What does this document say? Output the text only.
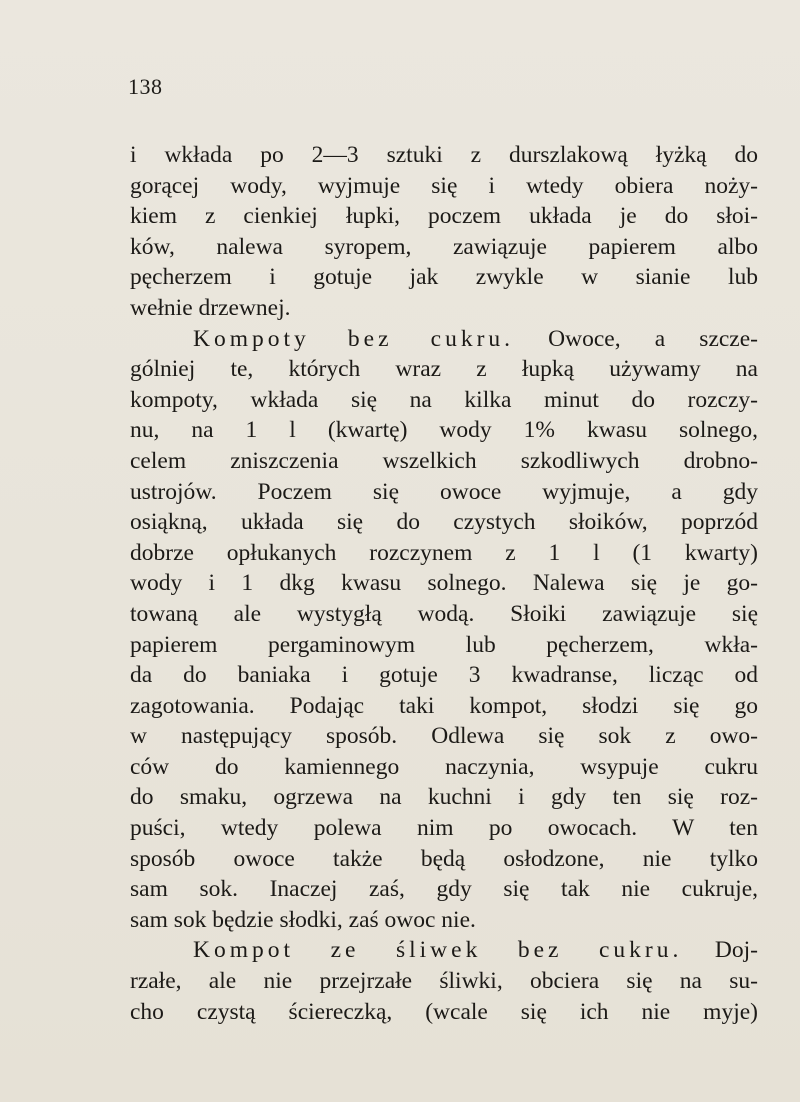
138
i wkłada po 2—3 sztuki z durszlakową łyżką do
gorącej wody, wyjmuje się i wtedy obiera noży-
kiem z cienkiej łupki, poczem układa je do słoi-
ków, nalewa syropem, zawiązuje papierem albo
pęcherzem i gotuje jak zwykle w sianie lub
wełnie drzewnej.
Kompoty bez cukru. Owoce, a szcze-
gólniej te, których wraz z łupką używamy na
kompoty, wkłada się na kilka minut do rozczy-
nu, na 1 l (kwartę) wody 1% kwasu solnego,
celem zniszczenia wszelkich szkodliwych drobno-
ustrojów. Poczem się owoce wyjmuje, a gdy
osiąkną, układa się do czystych słoików, poprzód
dobrze opłukanych rozczynem z 1 l (1 kwarty)
wody i 1 dkg kwasu solnego. Nalewa się je go-
towaną ale wystygłą wodą. Słoiki zawiązuje się
papierem pergaminowym lub pęcherzem, wkła-
da do baniaka i gotuje 3 kwadranse, licząc od
zagotowania. Podając taki kompot, słodzi się go
w następujący sposób. Odlewa się sok z owo-
ców do kamiennego naczynia, wsypuje cukru
do smaku, ogrzewa na kuchni i gdy ten się roz-
puści, wtedy polewa nim po owocach. W ten
sposób owoce także będą osłodzone, nie tylko
sam sok. Inaczej zaś, gdy się tak nie cukruje,
sam sok będzie słodki, zaś owoc nie.
Kompot ze śliwek bez cukru. Doj-
rzałe, ale nie przejrzałe śliwki, obciera się na su-
cho czystą ściereczką, (wcale się ich nie myje)
